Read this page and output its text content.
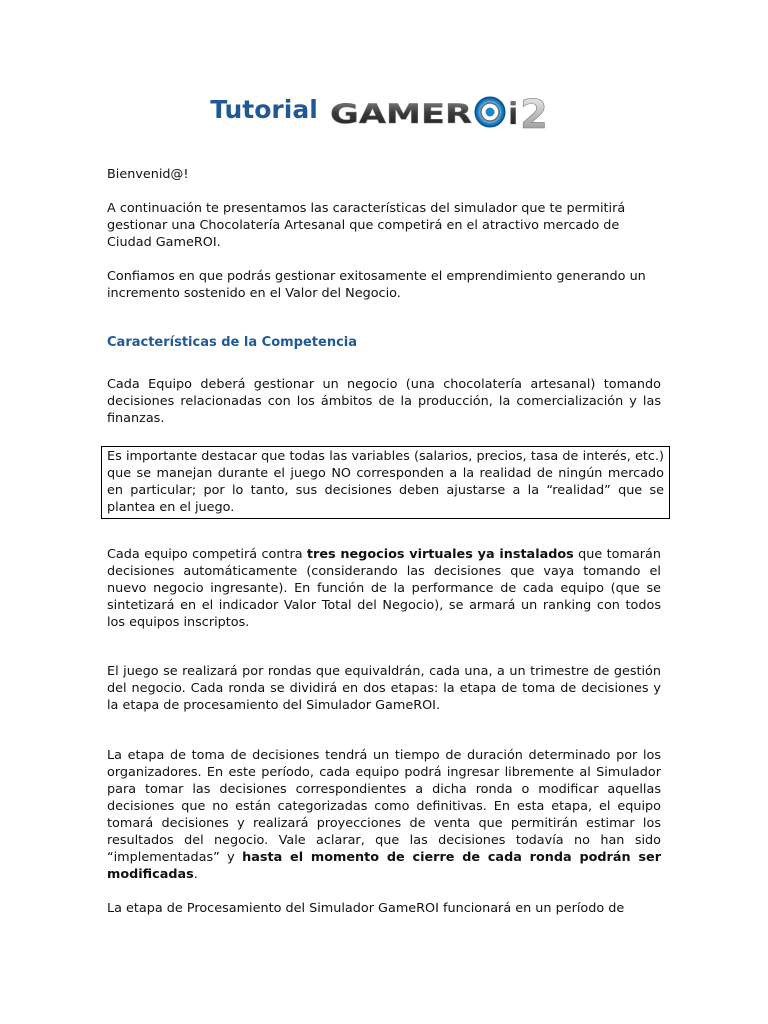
Tutorial GAMER i 2

Bienvenid@!

A continuación te presentamos las características del simulador que te permitirá gestionar una Chocolatería Artesanal que competirá en el atractivo mercado de Ciudad GameROI.

Confiamos en que podrás gestionar exitosamente el emprendimiento generando un incremento sostenido en el Valor del Negocio.

Características de la Competencia

Cada Equipo deberá gestionar un negocio (una chocolatería artesanal) tomando decisiones relacionadas con los ámbitos de la producción, la comercialización y las finanzas.

Es importante destacar que todas las variables (salarios, precios, tasa de interés, etc.) que se manejan durante el juego NO corresponden a la realidad de ningún mercado en particular; por lo tanto, sus decisiones deben ajustarse a la “realidad” que se plantea en el juego.

Cada equipo competirá contra tres negocios virtuales ya instalados que tomarán decisiones automáticamente (considerando las decisiones que vaya tomando el nuevo negocio ingresante). En función de la performance de cada equipo (que se sintetizará en el indicador Valor Total del Negocio), se armará un ranking con todos los equipos inscriptos.

El juego se realizará por rondas que equivaldrán, cada una, a un trimestre de gestión del negocio. Cada ronda se dividirá en dos etapas: la etapa de toma de decisiones y la etapa de procesamiento del Simulador GameROI.

La etapa de toma de decisiones tendrá un tiempo de duración determinado por los organizadores. En este período, cada equipo podrá ingresar libremente al Simulador para tomar las decisiones correspondientes a dicha ronda o modificar aquellas decisiones que no están categorizadas como definitivas. En esta etapa, el equipo tomará decisiones y realizará proyecciones de venta que permitirán estimar los resultados del negocio. Vale aclarar, que las decisiones todavía no han sido “implementadas” y hasta el momento de cierre de cada ronda podrán ser modificadas.

La etapa de Procesamiento del Simulador GameROI funcionará en un período de
